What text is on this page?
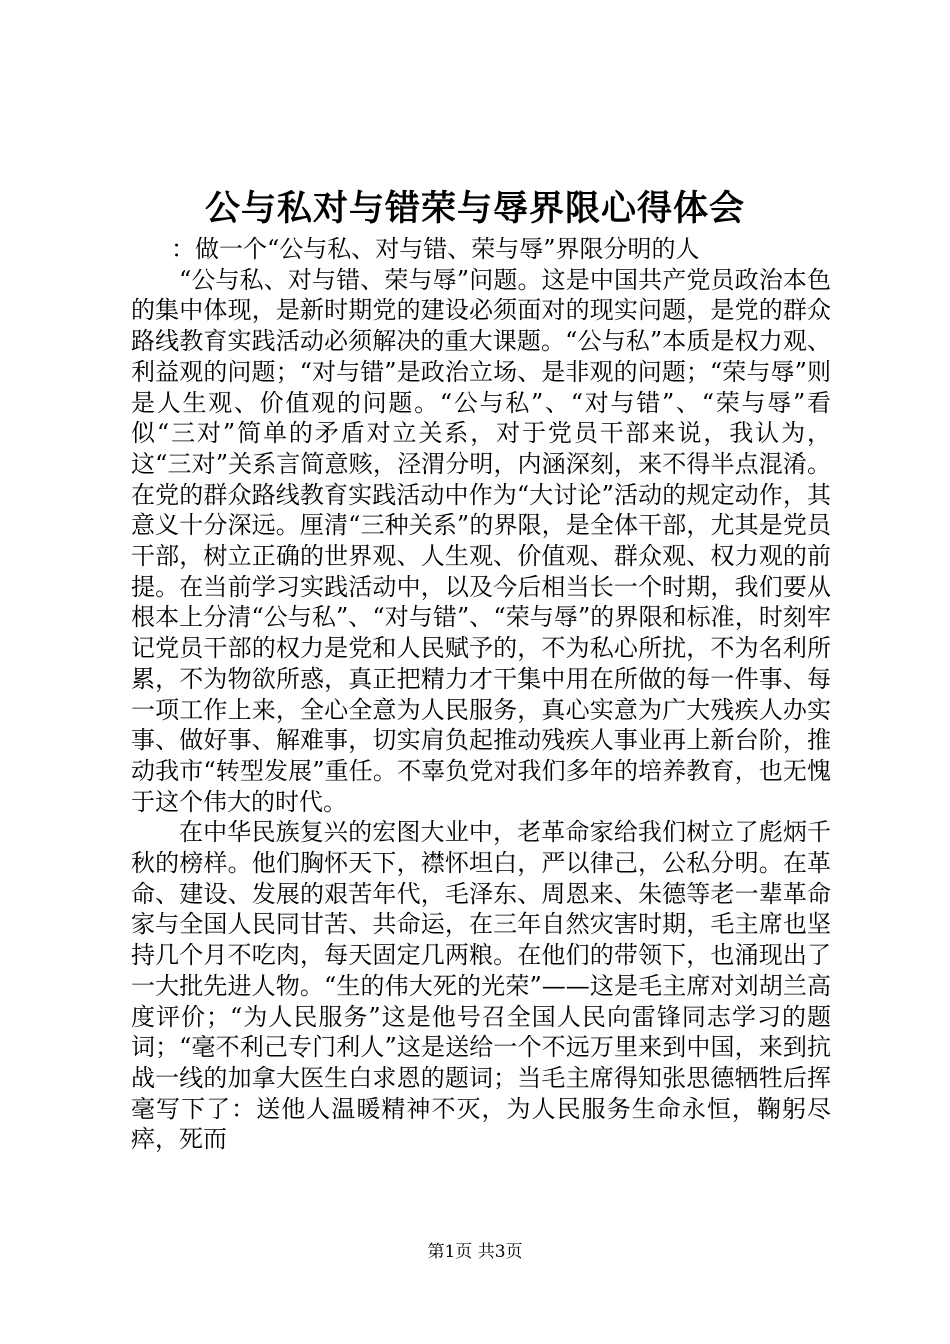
公与私对与错荣与辱界限心得体会

：做一个“公与私、对与错、荣与辱”界限分明的人

“公与私、对与错、荣与辱”问题。这是中国共产党员政治本色的集中体现，是新时期党的建设必须面对的现实问题，是党的群众路线教育实践活动必须解决的重大课题。“公与私”本质是权力观、利益观的问题；“对与错”是政治立场、是非观的问题；“荣与辱”则是人生观、价值观的问题。“公与私”、“对与错”、“荣与辱”看似“三对”简单的矛盾对立关系，对于党员干部来说，我认为，这“三对”关系言简意赅，泾渭分明，内涵深刻，来不得半点混淆。在党的群众路线教育实践活动中作为“大讨论”活动的规定动作，其意义十分深远。厘清“三种关系”的界限，是全体干部，尤其是党员干部，树立正确的世界观、人生观、价值观、群众观、权力观的前提。在当前学习实践活动中，以及今后相当长一个时期，我们要从根本上分清“公与私”、“对与错”、“荣与辱”的界限和标准，时刻牢记党员干部的权力是党和人民赋予的，不为私心所扰，不为名利所累，不为物欲所惑，真正把精力才干集中用在所做的每一件事、每一项工作上来，全心全意为人民服务，真心实意为广大残疾人办实事、做好事、解难事，切实肩负起推动残疾人事业再上新台阶，推动我市“转型发展”重任。不辜负党对我们多年的培养教育，也无愧于这个伟大的时代。

在中华民族复兴的宏图大业中，老革命家给我们树立了彪炳千秋的榜样。他们胸怀天下，襟怀坦白，严以律己，公私分明。在革命、建设、发展的艰苦年代，毛泽东、周恩来、朱德等老一辈革命家与全国人民同甘苦、共命运，在三年自然灾害时期，毛主席也坚持几个月不吃肉，每天固定几两粮。在他们的带领下，也涌现出了一大批先进人物。“生的伟大死的光荣”——这是毛主席对刘胡兰高度评价；“为人民服务”这是他号召全国人民向雷锋同志学习的题词；“毫不利己专门利人”这是送给一个不远万里来到中国，来到抗战一线的加拿大医生白求恩的题词；当毛主席得知张思德牺牲后挥毫写下了：送他人温暖精神不灭，为人民服务生命永恒，鞠躬尽瘁，死而

第1页 共3页
